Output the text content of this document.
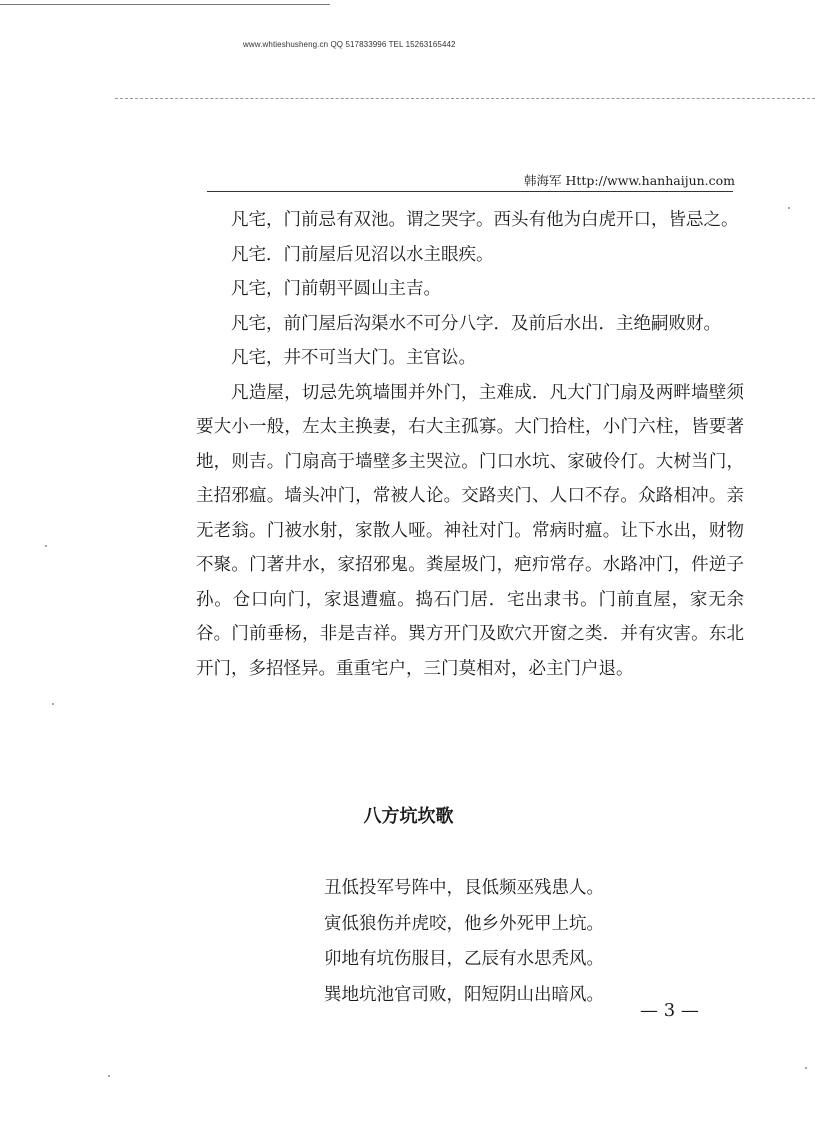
www.whtieshusheng.cn QQ 517833996 TEL 15263165442
韩海军 Http://www.hanhaijun.com

凡宅，门前忌有双池。谓之哭字。西头有他为白虎开口，皆忌之。

凡宅．门前屋后见沼以水主眼疾。

凡宅，门前朝平圆山主吉。

凡宅，前门屋后沟渠水不可分八字．及前后水出．主绝嗣败财。

凡宅，井不可当大门。主官讼。

凡造屋，切忌先筑墙围并外门，主难成．凡大门门扇及两畔墙壁须要大小一般，左太主换妻，右大主孤寡。大门拾柱，小门六柱，皆要著地，则吉。门扇高于墙壁多主哭泣。门口水坑、家破伶仃。大树当门，主招邪瘟。墙头冲门，常被人论。交路夹门、人口不存。众路相冲。亲无老翁。门被水射，家散人哑。神社对门。常病时瘟。让下水出，财物不聚。门著井水，家招邪鬼。粪屋圾门，疤疖常存。水路冲门，件逆子孙。仓口向门，家退遭瘟。捣石门居．宅出隶书。门前直屋，家无余谷。门前垂杨，非是吉祥。巽方开门及欧穴开窗之类．并有灾害。东北开门，多招怪异。重重宅户，三门莫相对，必主门户退。

八方坑坎歌
丑低投军号阵中，艮低频巫残患人。
寅低狼伤并虎咬，他乡外死甲上坑。
卯地有坑伤服目，乙辰有水思秃风。
巽地坑池官司败，阳短阴山出暗风。
— 3 —
